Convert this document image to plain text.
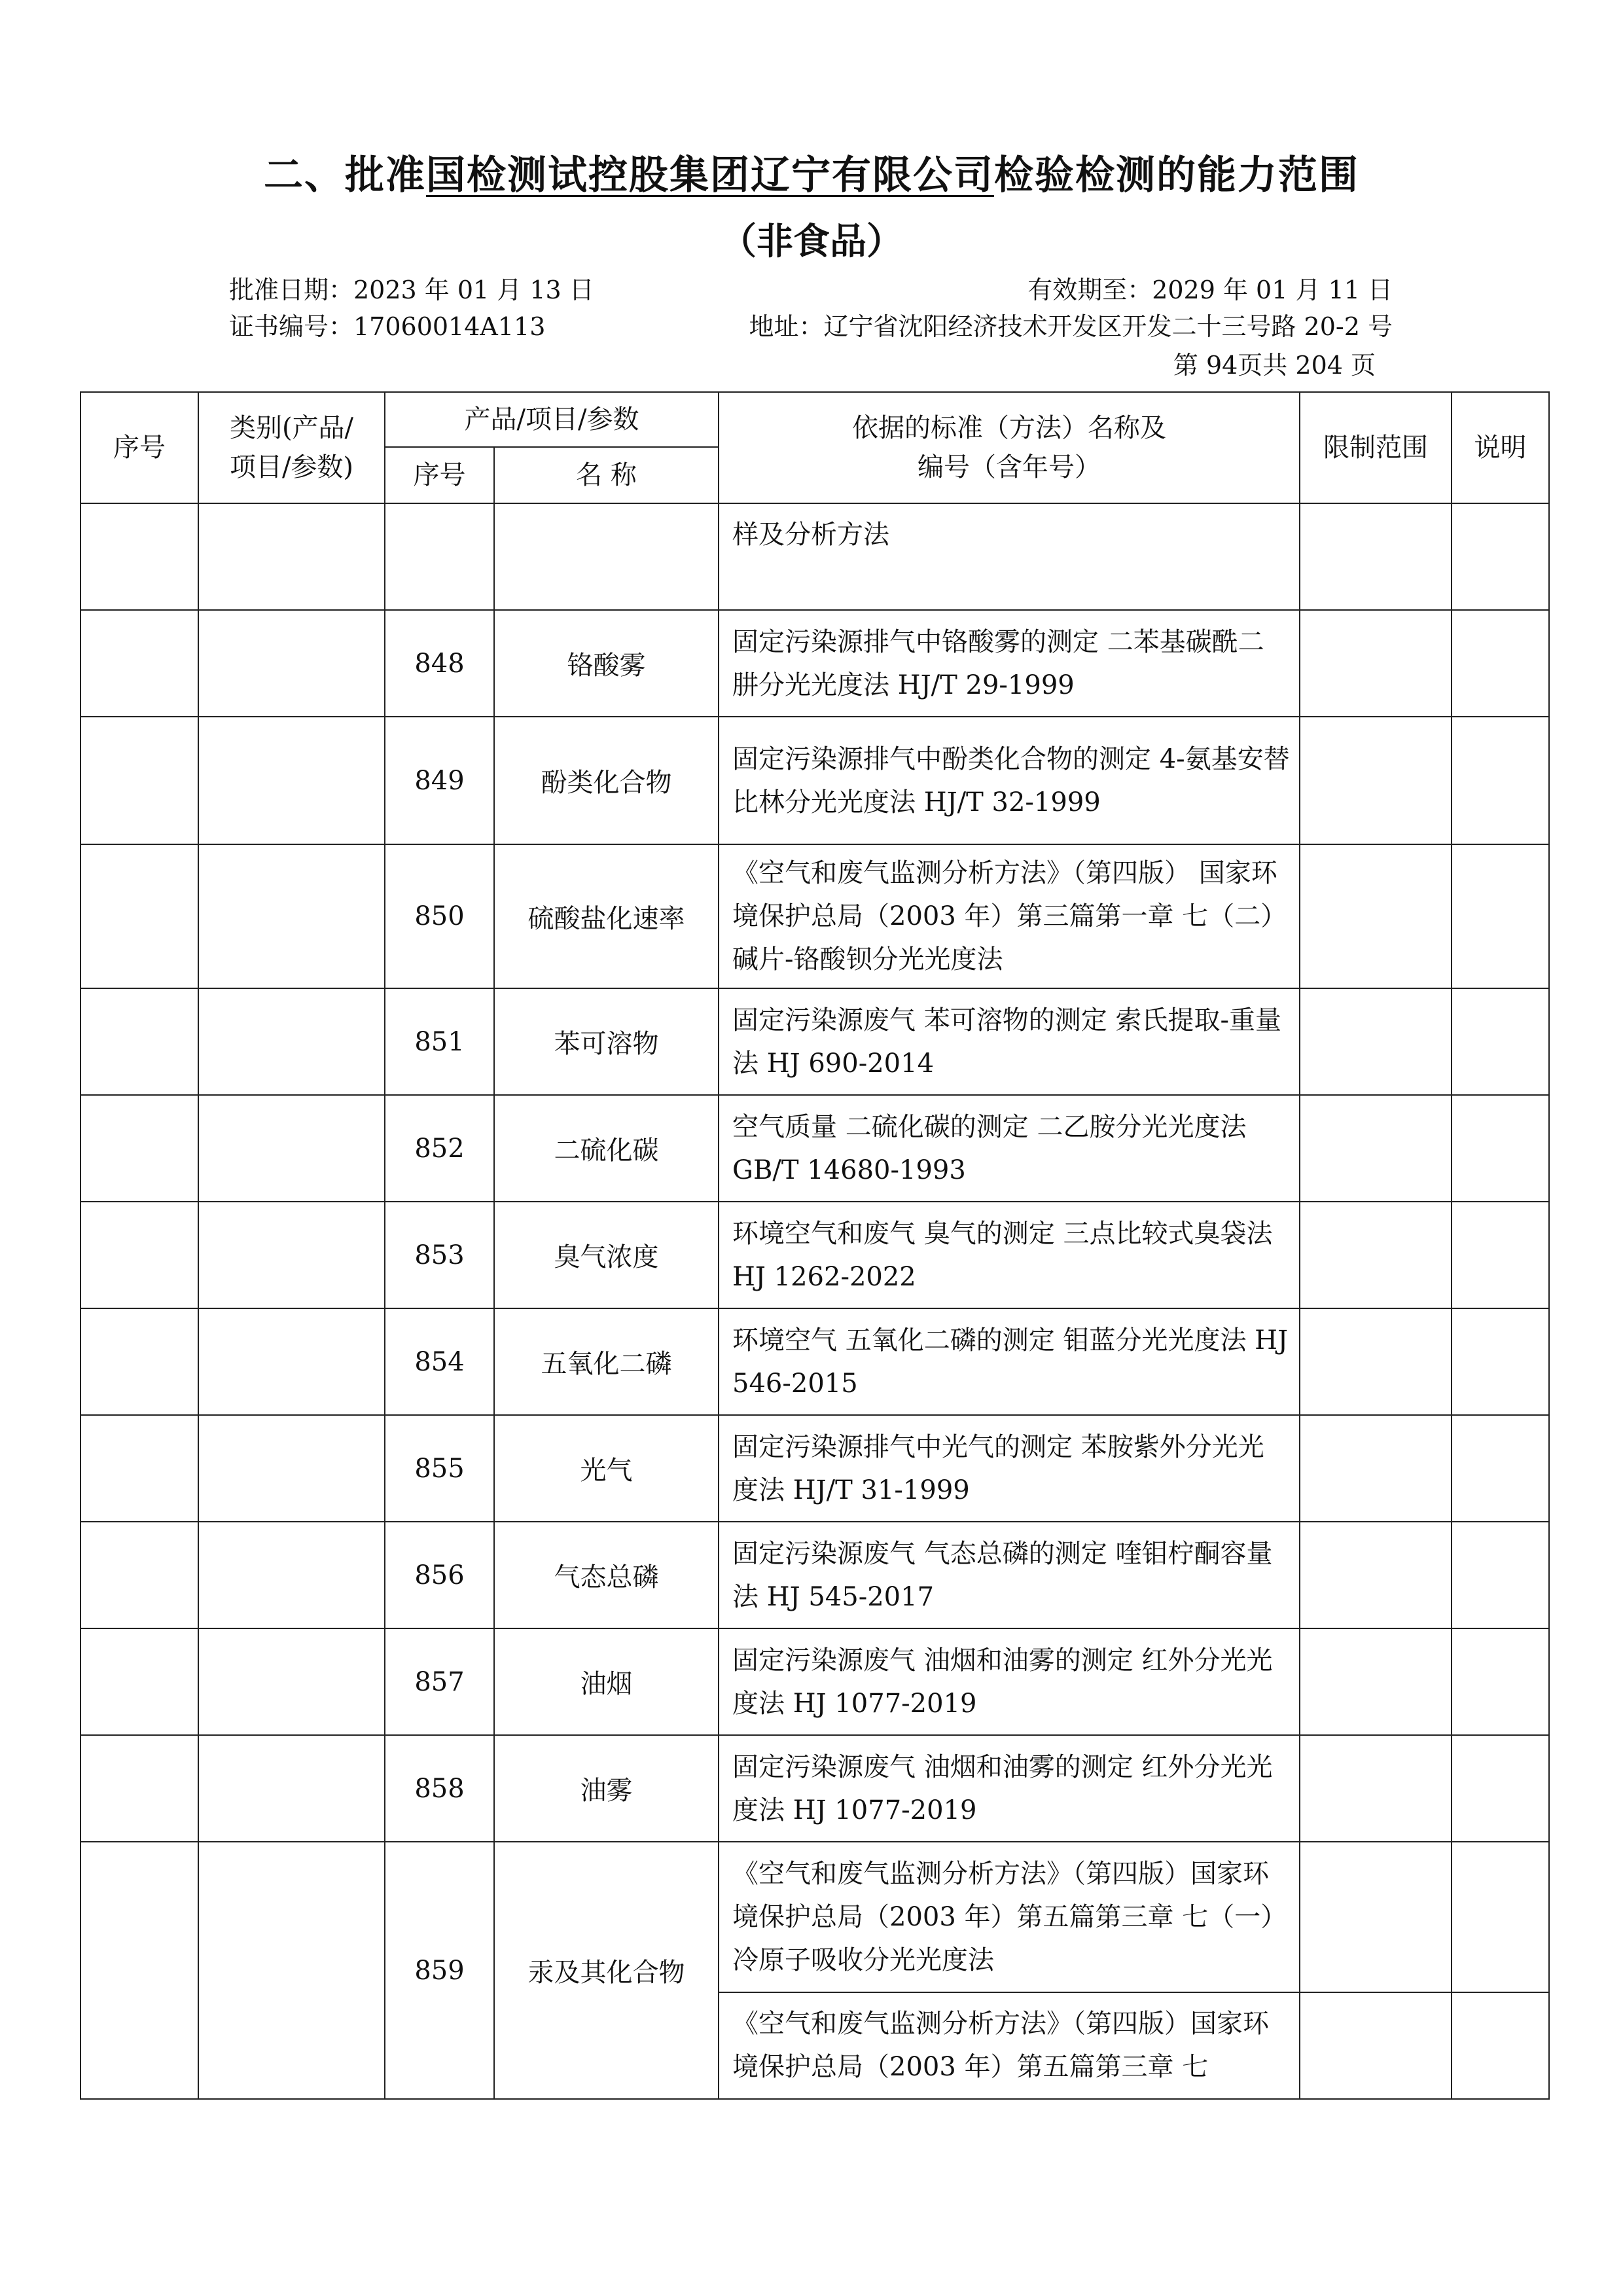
二、批准国检测试控股集团辽宁有限公司检验检测的能力范围
（非食品）
批准日期：2023 年 01 月 13 日	有效期至：2029 年 01 月 11 日
证书编号：17060014A113	地址：辽宁省沈阳经济技术开发区开发二十三号路 20-2 号
第 94页共 204 页
序号	类别(产品/项目/参数)	产品/项目/参数		依据的标准（方法）名称及编号（含年号）	限制范围	说明
		序号	名 称			
				样及分析方法		
		848	铬酸雾	固定污染源排气中铬酸雾的测定 二苯基碳酰二肼分光光度法 HJ/T 29-1999		
		849	酚类化合物	固定污染源排气中酚类化合物的测定 4-氨基安替比林分光光度法 HJ/T 32-1999		
		850	硫酸盐化速率	《空气和废气监测分析方法》（第四版） 国家环境保护总局（2003 年）第三篇第一章 七（二） 碱片-铬酸钡分光光度法		
		851	苯可溶物	固定污染源废气 苯可溶物的测定 索氏提取-重量法 HJ 690-2014		
		852	二硫化碳	空气质量 二硫化碳的测定 二乙胺分光光度法 GB/T 14680-1993		
		853	臭气浓度	环境空气和废气 臭气的测定 三点比较式臭袋法 HJ 1262-2022		
		854	五氧化二磷	环境空气 五氧化二磷的测定 钼蓝分光光度法 HJ 546-2015		
		855	光气	固定污染源排气中光气的测定 苯胺紫外分光光度法 HJ/T 31-1999		
		856	气态总磷	固定污染源废气 气态总磷的测定 喹钼柠酮容量法 HJ 545-2017		
		857	油烟	固定污染源废气 油烟和油雾的测定 红外分光光度法 HJ 1077-2019		
		858	油雾	固定污染源废气 油烟和油雾的测定 红外分光光度法 HJ 1077-2019		
		859	汞及其化合物	《空气和废气监测分析方法》（第四版）国家环境保护总局（2003 年）第五篇第三章 七（一） 冷原子吸收分光光度法		
				《空气和废气监测分析方法》（第四版）国家环境保护总局（2003 年）第五篇第三章 七		
